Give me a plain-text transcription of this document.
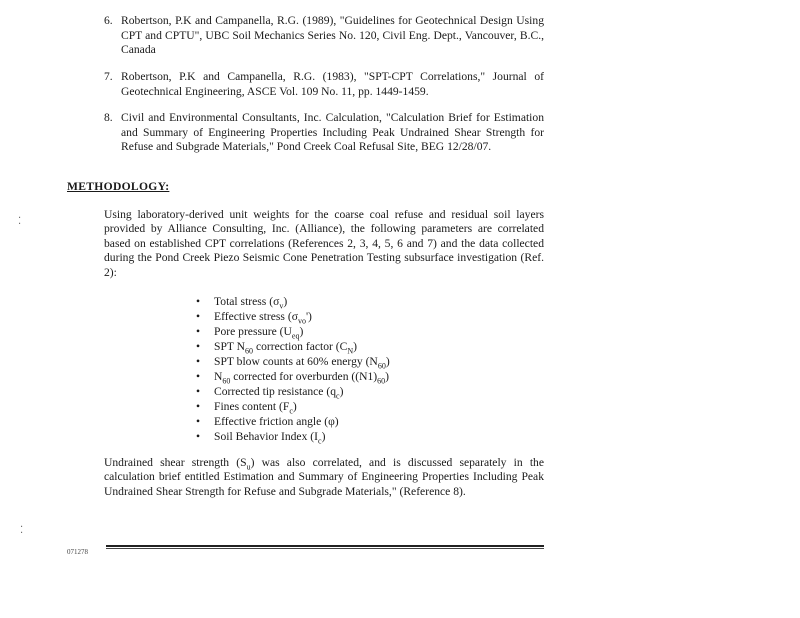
6. Robertson, P.K and Campanella, R.G. (1989), "Guidelines for Geotechnical Design Using CPT and CPTU", UBC Soil Mechanics Series No. 120, Civil Eng. Dept., Vancouver, B.C., Canada
7. Robertson, P.K and Campanella, R.G. (1983), "SPT-CPT Correlations," Journal of Geotechnical Engineering, ASCE Vol. 109 No. 11, pp. 1449-1459.
8. Civil and Environmental Consultants, Inc. Calculation, "Calculation Brief for Estimation and Summary of Engineering Properties Including Peak Undrained Shear Strength for Refuse and Subgrade Materials," Pond Creek Coal Refusal Site, BEG 12/28/07.
METHODOLOGY:
Using laboratory-derived unit weights for the coarse coal refuse and residual soil layers provided by Alliance Consulting, Inc. (Alliance), the following parameters are correlated based on established CPT correlations (References 2, 3, 4, 5, 6 and 7) and the data collected during the Pond Creek Piezo Seismic Cone Penetration Testing subsurface investigation (Ref. 2):
• Total stress $(\sigma_v)$
• Effective stress $(\sigma_{vo}')$
• Pore pressure $(U_{eq})$
• SPT $N_{60}$ correction factor $(C_N)$
• SPT blow counts at 60% energy $(N_{60})$
• $N_{60}$ corrected for overburden $((N1)_{60})$
• Corrected tip resistance $(q_c)$
• Fines content $(F_c)$
• Effective friction angle (φ)
• Soil Behavior Index $(I_c)$
Undrained shear strength $(S_u)$ was also correlated, and is discussed separately in the calculation brief entitled Estimation and Summary of Engineering Properties Including Peak Undrained Shear Strength for Refuse and Subgrade Materials," (Reference 8).
⁚
⁚
071278
